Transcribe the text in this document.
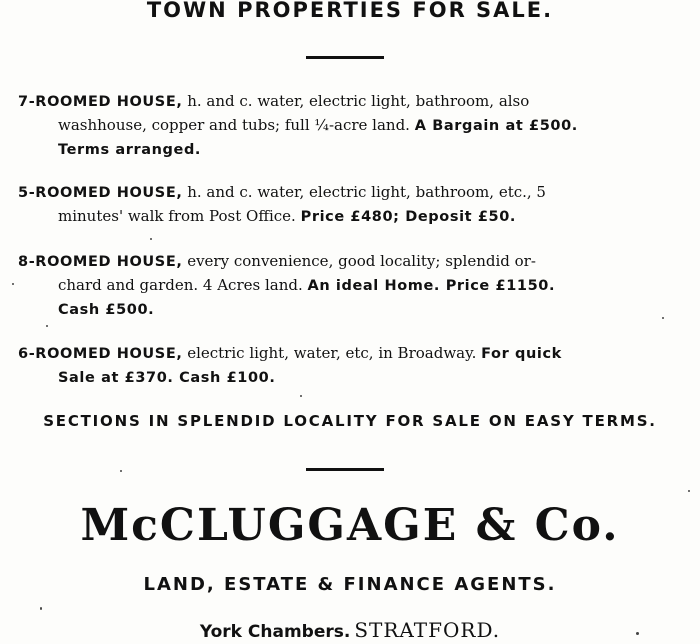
TOWN PROPERTIES FOR SALE.
7-ROOMED HOUSE, h. and c. water, electric light, bathroom, also
washhouse, copper and tubs; full ¼-acre land. A Bargain at £500.
Terms arranged.
5-ROOMED HOUSE, h. and c. water, electric light, bathroom, etc., 5
minutes' walk from Post Office. Price £480; Deposit £50.
8-ROOMED HOUSE, every convenience, good locality; splendid or-
chard and garden. 4 Acres land. An ideal Home. Price £1150.
Cash £500.
6-ROOMED HOUSE, electric light, water, etc, in Broadway. For quick
Sale at £370. Cash £100.

SECTIONS IN SPLENDID LOCALITY FOR SALE ON EASY TERMS.

McCLUGGAGE & Co.

LAND, ESTATE & FINANCE AGENTS.

York Chambers. STRATFORD.
